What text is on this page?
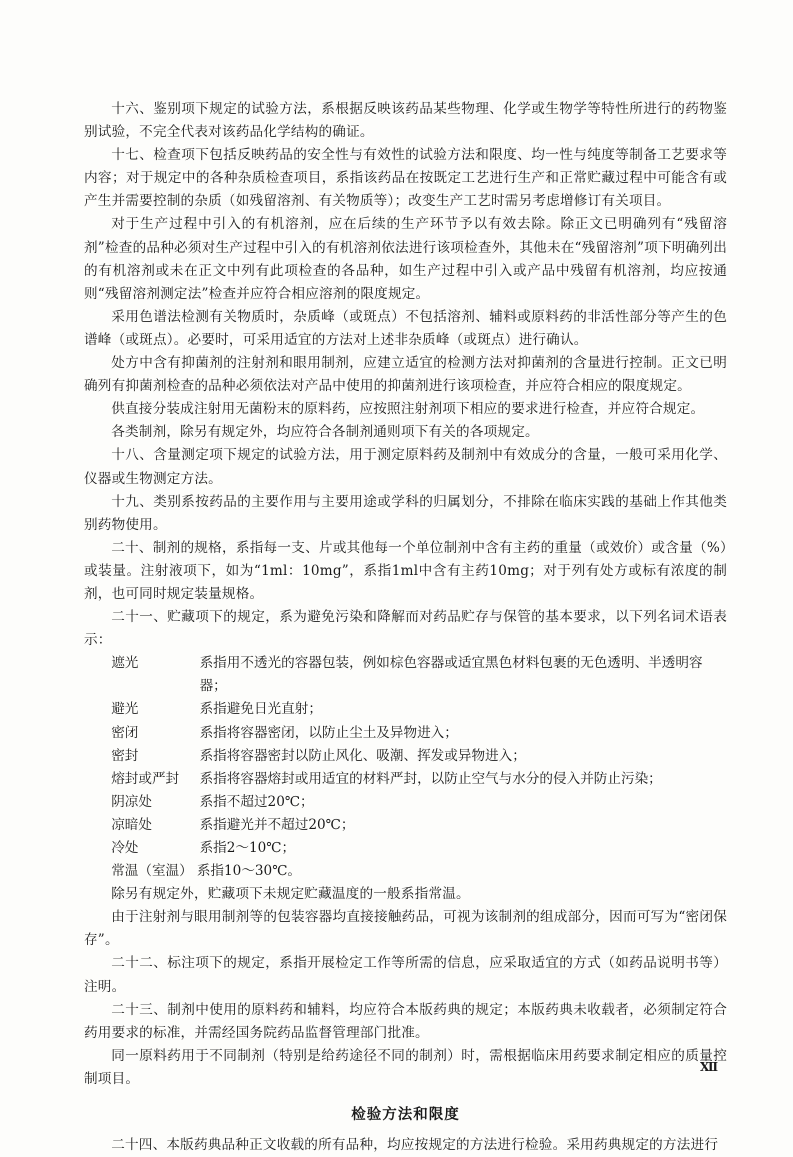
十六、鉴别项下规定的试验方法，系根据反映该药品某些物理、化学或生物学等特性所进行的药物鉴别试验，不完全代表对该药品化学结构的确证。

十七、检查项下包括反映药品的安全性与有效性的试验方法和限度、均一性与纯度等制备工艺要求等内容；对于规定中的各种杂质检查项目，系指该药品在按既定工艺进行生产和正常贮藏过程中可能含有或产生并需要控制的杂质（如残留溶剂、有关物质等）；改变生产工艺时需另考虑增修订有关项目。

对于生产过程中引入的有机溶剂，应在后续的生产环节予以有效去除。除正文已明确列有“残留溶剂”检查的品种必须对生产过程中引入的有机溶剂依法进行该项检查外，其他未在“残留溶剂”项下明确列出的有机溶剂或未在正文中列有此项检查的各品种，如生产过程中引入或产品中残留有机溶剂，均应按通则“残留溶剂测定法”检查并应符合相应溶剂的限度规定。

采用色谱法检测有关物质时，杂质峰（或斑点）不包括溶剂、辅料或原料药的非活性部分等产生的色谱峰（或斑点）。必要时，可采用适宜的方法对上述非杂质峰（或斑点）进行确认。

处方中含有抑菌剂的注射剂和眼用制剂，应建立适宜的检测方法对抑菌剂的含量进行控制。正文已明确列有抑菌剂检查的品种必须依法对产品中使用的抑菌剂进行该项检查，并应符合相应的限度规定。

供直接分装成注射用无菌粉末的原料药，应按照注射剂项下相应的要求进行检查，并应符合规定。

各类制剂，除另有规定外，均应符合各制剂通则项下有关的各项规定。

十八、含量测定项下规定的试验方法，用于测定原料药及制剂中有效成分的含量，一般可采用化学、仪器或生物测定方法。

十九、类别系按药品的主要作用与主要用途或学科的归属划分，不排除在临床实践的基础上作其他类别药物使用。

二十、制剂的规格，系指每一支、片或其他每一个单位制剂中含有主药的重量（或效价）或含量（%）或装量。注射液项下，如为“1ml：10mg”，系指1ml中含有主药10mg；对于列有处方或标有浓度的制剂，也可同时规定装量规格。

二十一、贮藏项下的规定，系为避免污染和降解而对药品贮存与保管的基本要求，以下列名词术语表示：

遮光	系指用不透光的容器包装，例如棕色容器或适宜黑色材料包裹的无色透明、半透明容器；
避光	系指避免日光直射；
密闭	系指将容器密闭，以防止尘土及异物进入；
密封	系指将容器密封以防止风化、吸潮、挥发或异物进入；
熔封或严封	系指将容器熔封或用适宜的材料严封，以防止空气与水分的侵入并防止污染；
阴凉处	系指不超过20℃；
凉暗处	系指避光并不超过20℃；
冷处	系指2～10℃；
常温（室温） 系指10～30℃。

除另有规定外，贮藏项下未规定贮藏温度的一般系指常温。

由于注射剂与眼用制剂等的包装容器均直接接触药品，可视为该制剂的组成部分，因而可写为“密闭保存”。

二十二、标注项下的规定，系指开展检定工作等所需的信息，应采取适宜的方式（如药品说明书等）注明。

二十三、制剂中使用的原料药和辅料，均应符合本版药典的规定；本版药典未收载者，必须制定符合药用要求的标准，并需经国务院药品监督管理部门批准。

同一原料药用于不同制剂（特别是给药途径不同的制剂）时，需根据临床用药要求制定相应的质量控制项目。

检验方法和限度

二十四、本版药典品种正文收载的所有品种，均应按规定的方法进行检验。采用药典规定的方法进行

Ⅻ
